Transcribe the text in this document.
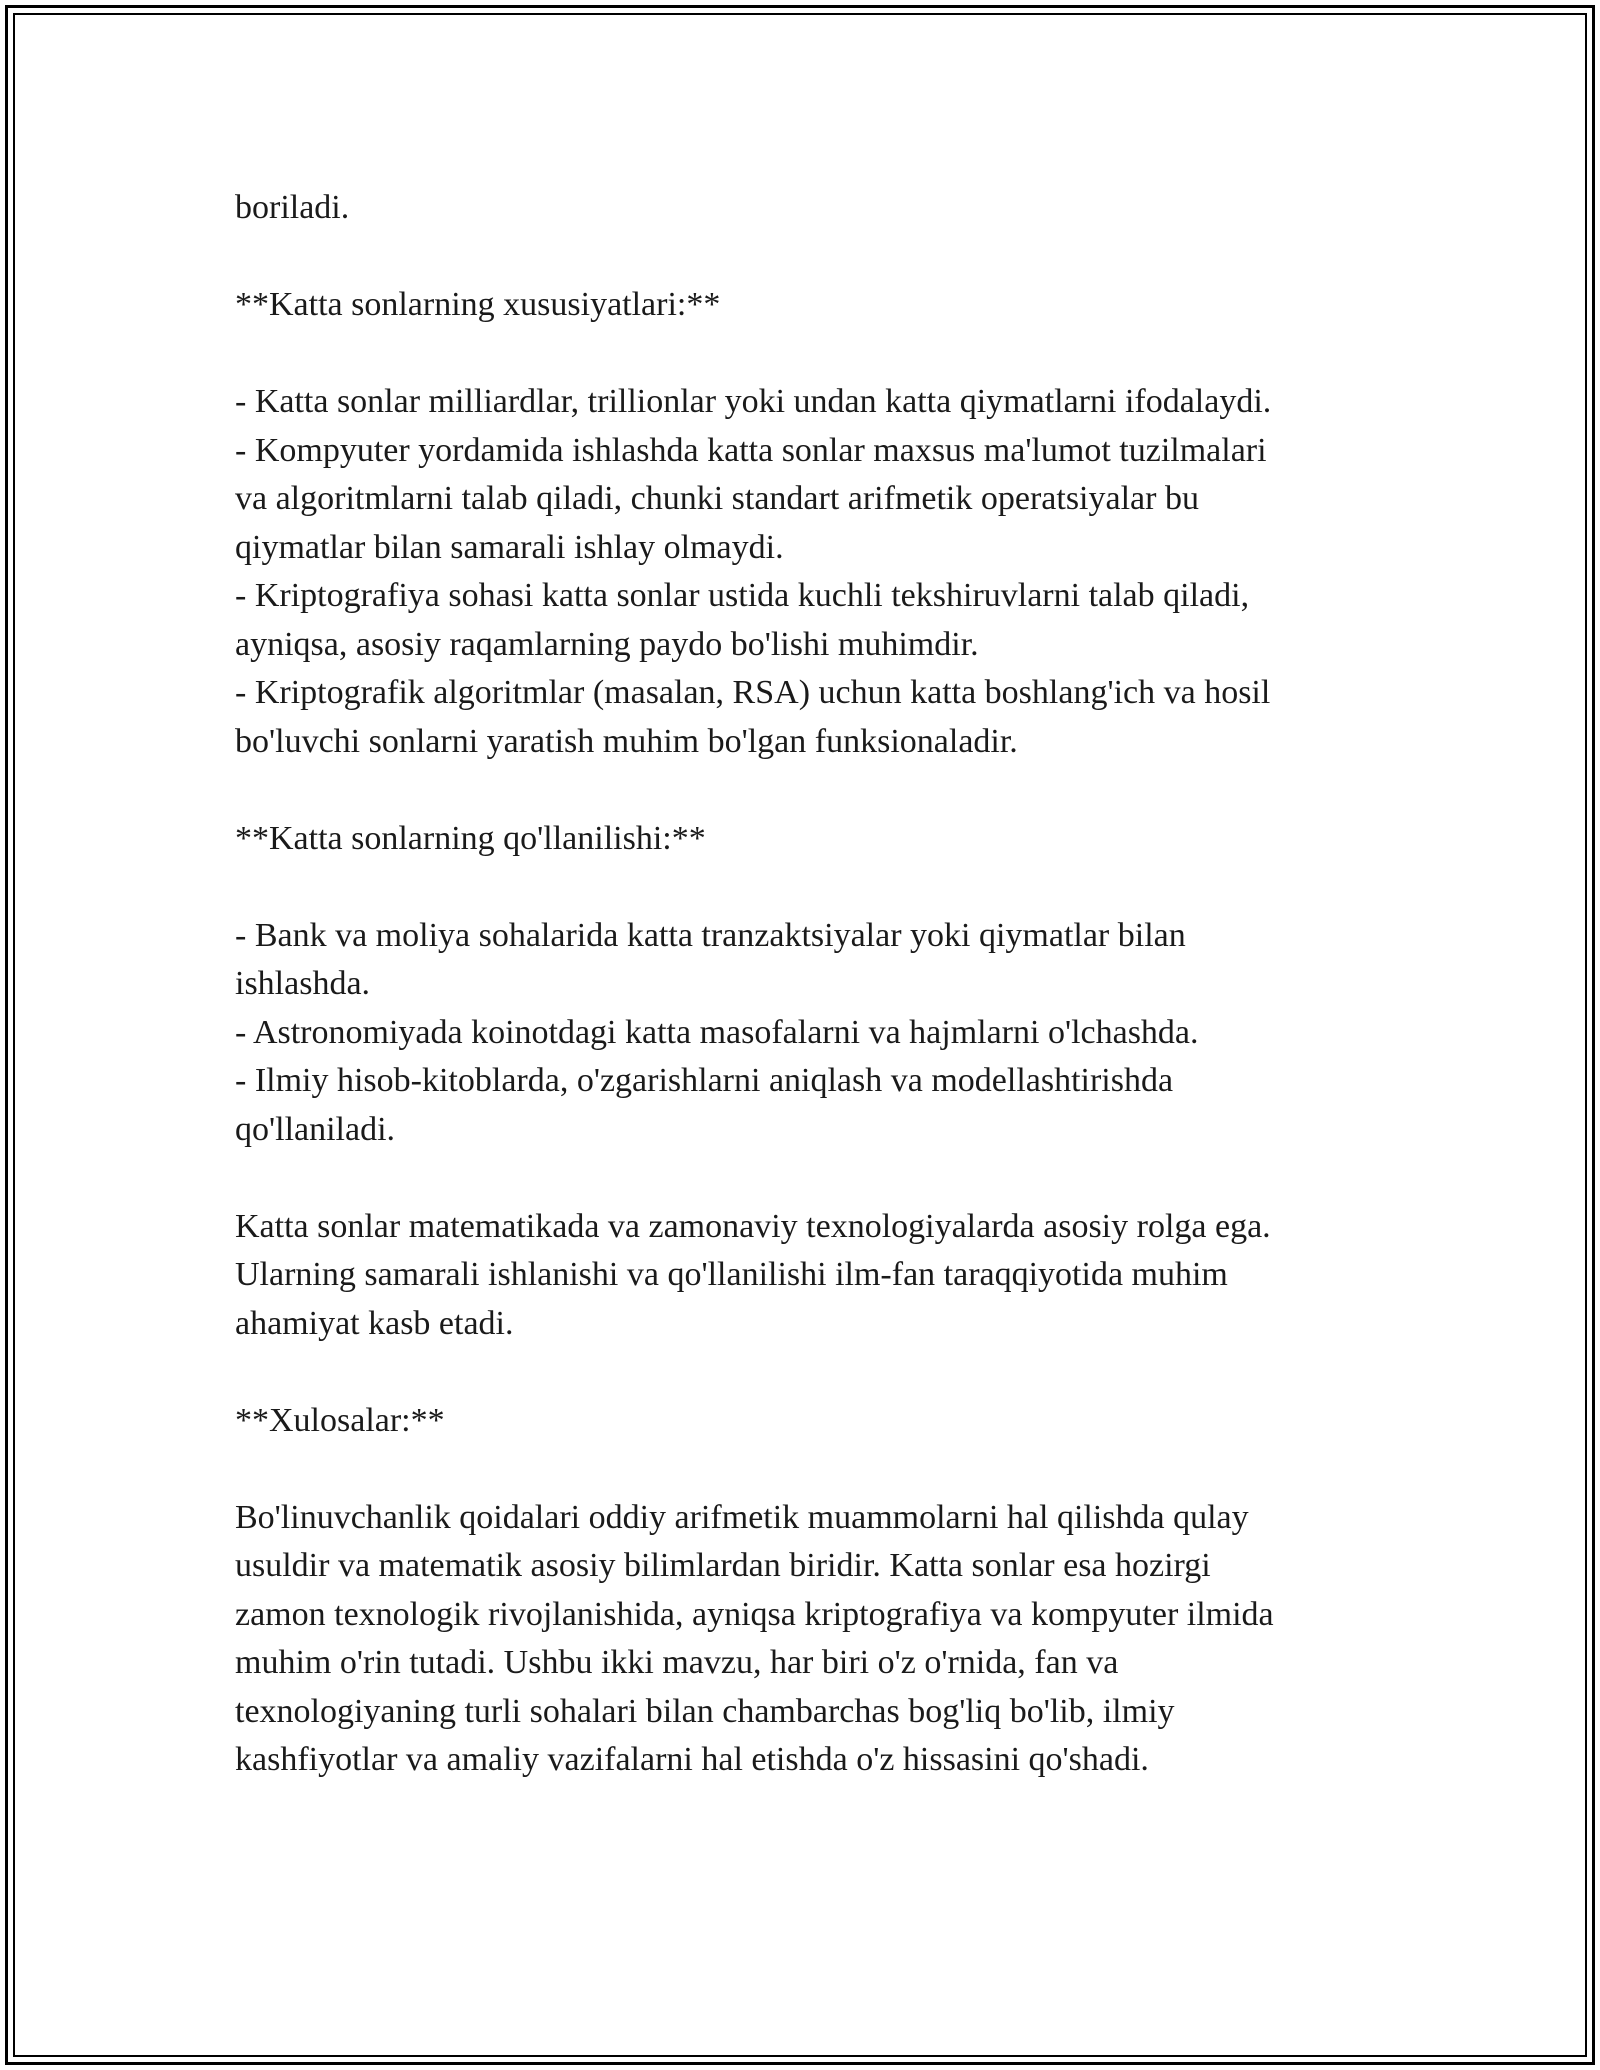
boriladi.
**Katta sonlarning xususiyatlari:**
- Katta sonlar milliardlar, trillionlar yoki undan katta qiymatlarni ifodalaydi.
- Kompyuter yordamida ishlashda katta sonlar maxsus ma'lumot tuzilmalari
va algoritmlarni talab qiladi, chunki standart arifmetik operatsiyalar bu
qiymatlar bilan samarali ishlay olmaydi.
- Kriptografiya sohasi katta sonlar ustida kuchli tekshiruvlarni talab qiladi,
ayniqsa, asosiy raqamlarning paydo bo'lishi muhimdir.
- Kriptografik algoritmlar (masalan, RSA) uchun katta boshlang'ich va hosil
bo'luvchi sonlarni yaratish muhim bo'lgan funksionaladir.
**Katta sonlarning qo'llanilishi:**
- Bank va moliya sohalarida katta tranzaktsiyalar yoki qiymatlar bilan
ishlashda.
- Astronomiyada koinotdagi katta masofalarni va hajmlarni o'lchashda.
- Ilmiy hisob-kitoblarda, o'zgarishlarni aniqlash va modellashtirishda
qo'llaniladi.
Katta sonlar matematikada va zamonaviy texnologiyalarda asosiy rolga ega.
Ularning samarali ishlanishi va qo'llanilishi ilm-fan taraqqiyotida muhim
ahamiyat kasb etadi.
**Xulosalar:**
Bo'linuvchanlik qoidalari oddiy arifmetik muammolarni hal qilishda qulay
usuldir va matematik asosiy bilimlardan biridir. Katta sonlar esa hozirgi
zamon texnologik rivojlanishida, ayniqsa kriptografiya va kompyuter ilmida
muhim o'rin tutadi. Ushbu ikki mavzu, har biri o'z o'rnida, fan va
texnologiyaning turli sohalari bilan chambarchas bog'liq bo'lib, ilmiy
kashfiyotlar va amaliy vazifalarni hal etishda o'z hissasini qo'shadi.
